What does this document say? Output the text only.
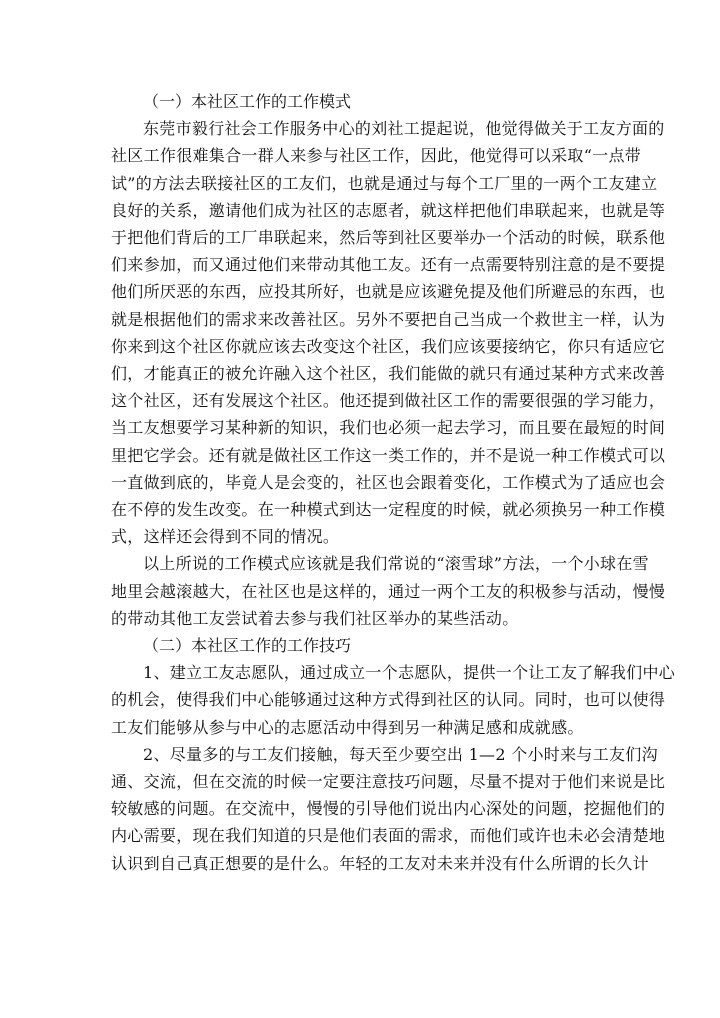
（一）本社区工作的工作模式

东莞市毅行社会工作服务中心的刘社工提起说，他觉得做关于工友方面的
社区工作很难集合一群人来参与社区工作，因此，他觉得可以采取“一点带
试”的方法去联接社区的工友们，也就是通过与每个工厂里的一两个工友建立
良好的关系，邀请他们成为社区的志愿者，就这样把他们串联起来，也就是等
于把他们背后的工厂串联起来，然后等到社区要举办一个活动的时候，联系他
们来参加，而又通过他们来带动其他工友。还有一点需要特别注意的是不要提
他们所厌恶的东西，应投其所好，也就是应该避免提及他们所避忌的东西，也
就是根据他们的需求来改善社区。另外不要把自己当成一个救世主一样，认为
你来到这个社区你就应该去改变这个社区，我们应该要接纳它，你只有适应它
们，才能真正的被允许融入这个社区，我们能做的就只有通过某种方式来改善
这个社区，还有发展这个社区。他还提到做社区工作的需要很强的学习能力，
当工友想要学习某种新的知识，我们也必须一起去学习，而且要在最短的时间
里把它学会。还有就是做社区工作这一类工作的，并不是说一种工作模式可以
一直做到底的，毕竟人是会变的，社区也会跟着变化，工作模式为了适应也会
在不停的发生改变。在一种模式到达一定程度的时候，就必须换另一种工作模
式，这样还会得到不同的情况。

以上所说的工作模式应该就是我们常说的“滚雪球”方法，一个小球在雪
地里会越滚越大，在社区也是这样的，通过一两个工友的积极参与活动，慢慢
的带动其他工友尝试着去参与我们社区举办的某些活动。

（二）本社区工作的工作技巧

1、建立工友志愿队，通过成立一个志愿队，提供一个让工友了解我们中心
的机会，使得我们中心能够通过这种方式得到社区的认同。同时，也可以使得
工友们能够从参与中心的志愿活动中得到另一种满足感和成就感。

2、尽量多的与工友们接触，每天至少要空出 1—2 个小时来与工友们沟
通、交流，但在交流的时候一定要注意技巧问题，尽量不提对于他们来说是比
较敏感的问题。在交流中，慢慢的引导他们说出内心深处的问题，挖掘他们的
内心需要，现在我们知道的只是他们表面的需求，而他们或许也未必会清楚地
认识到自己真正想要的是什么。年轻的工友对未来并没有什么所谓的长久计
